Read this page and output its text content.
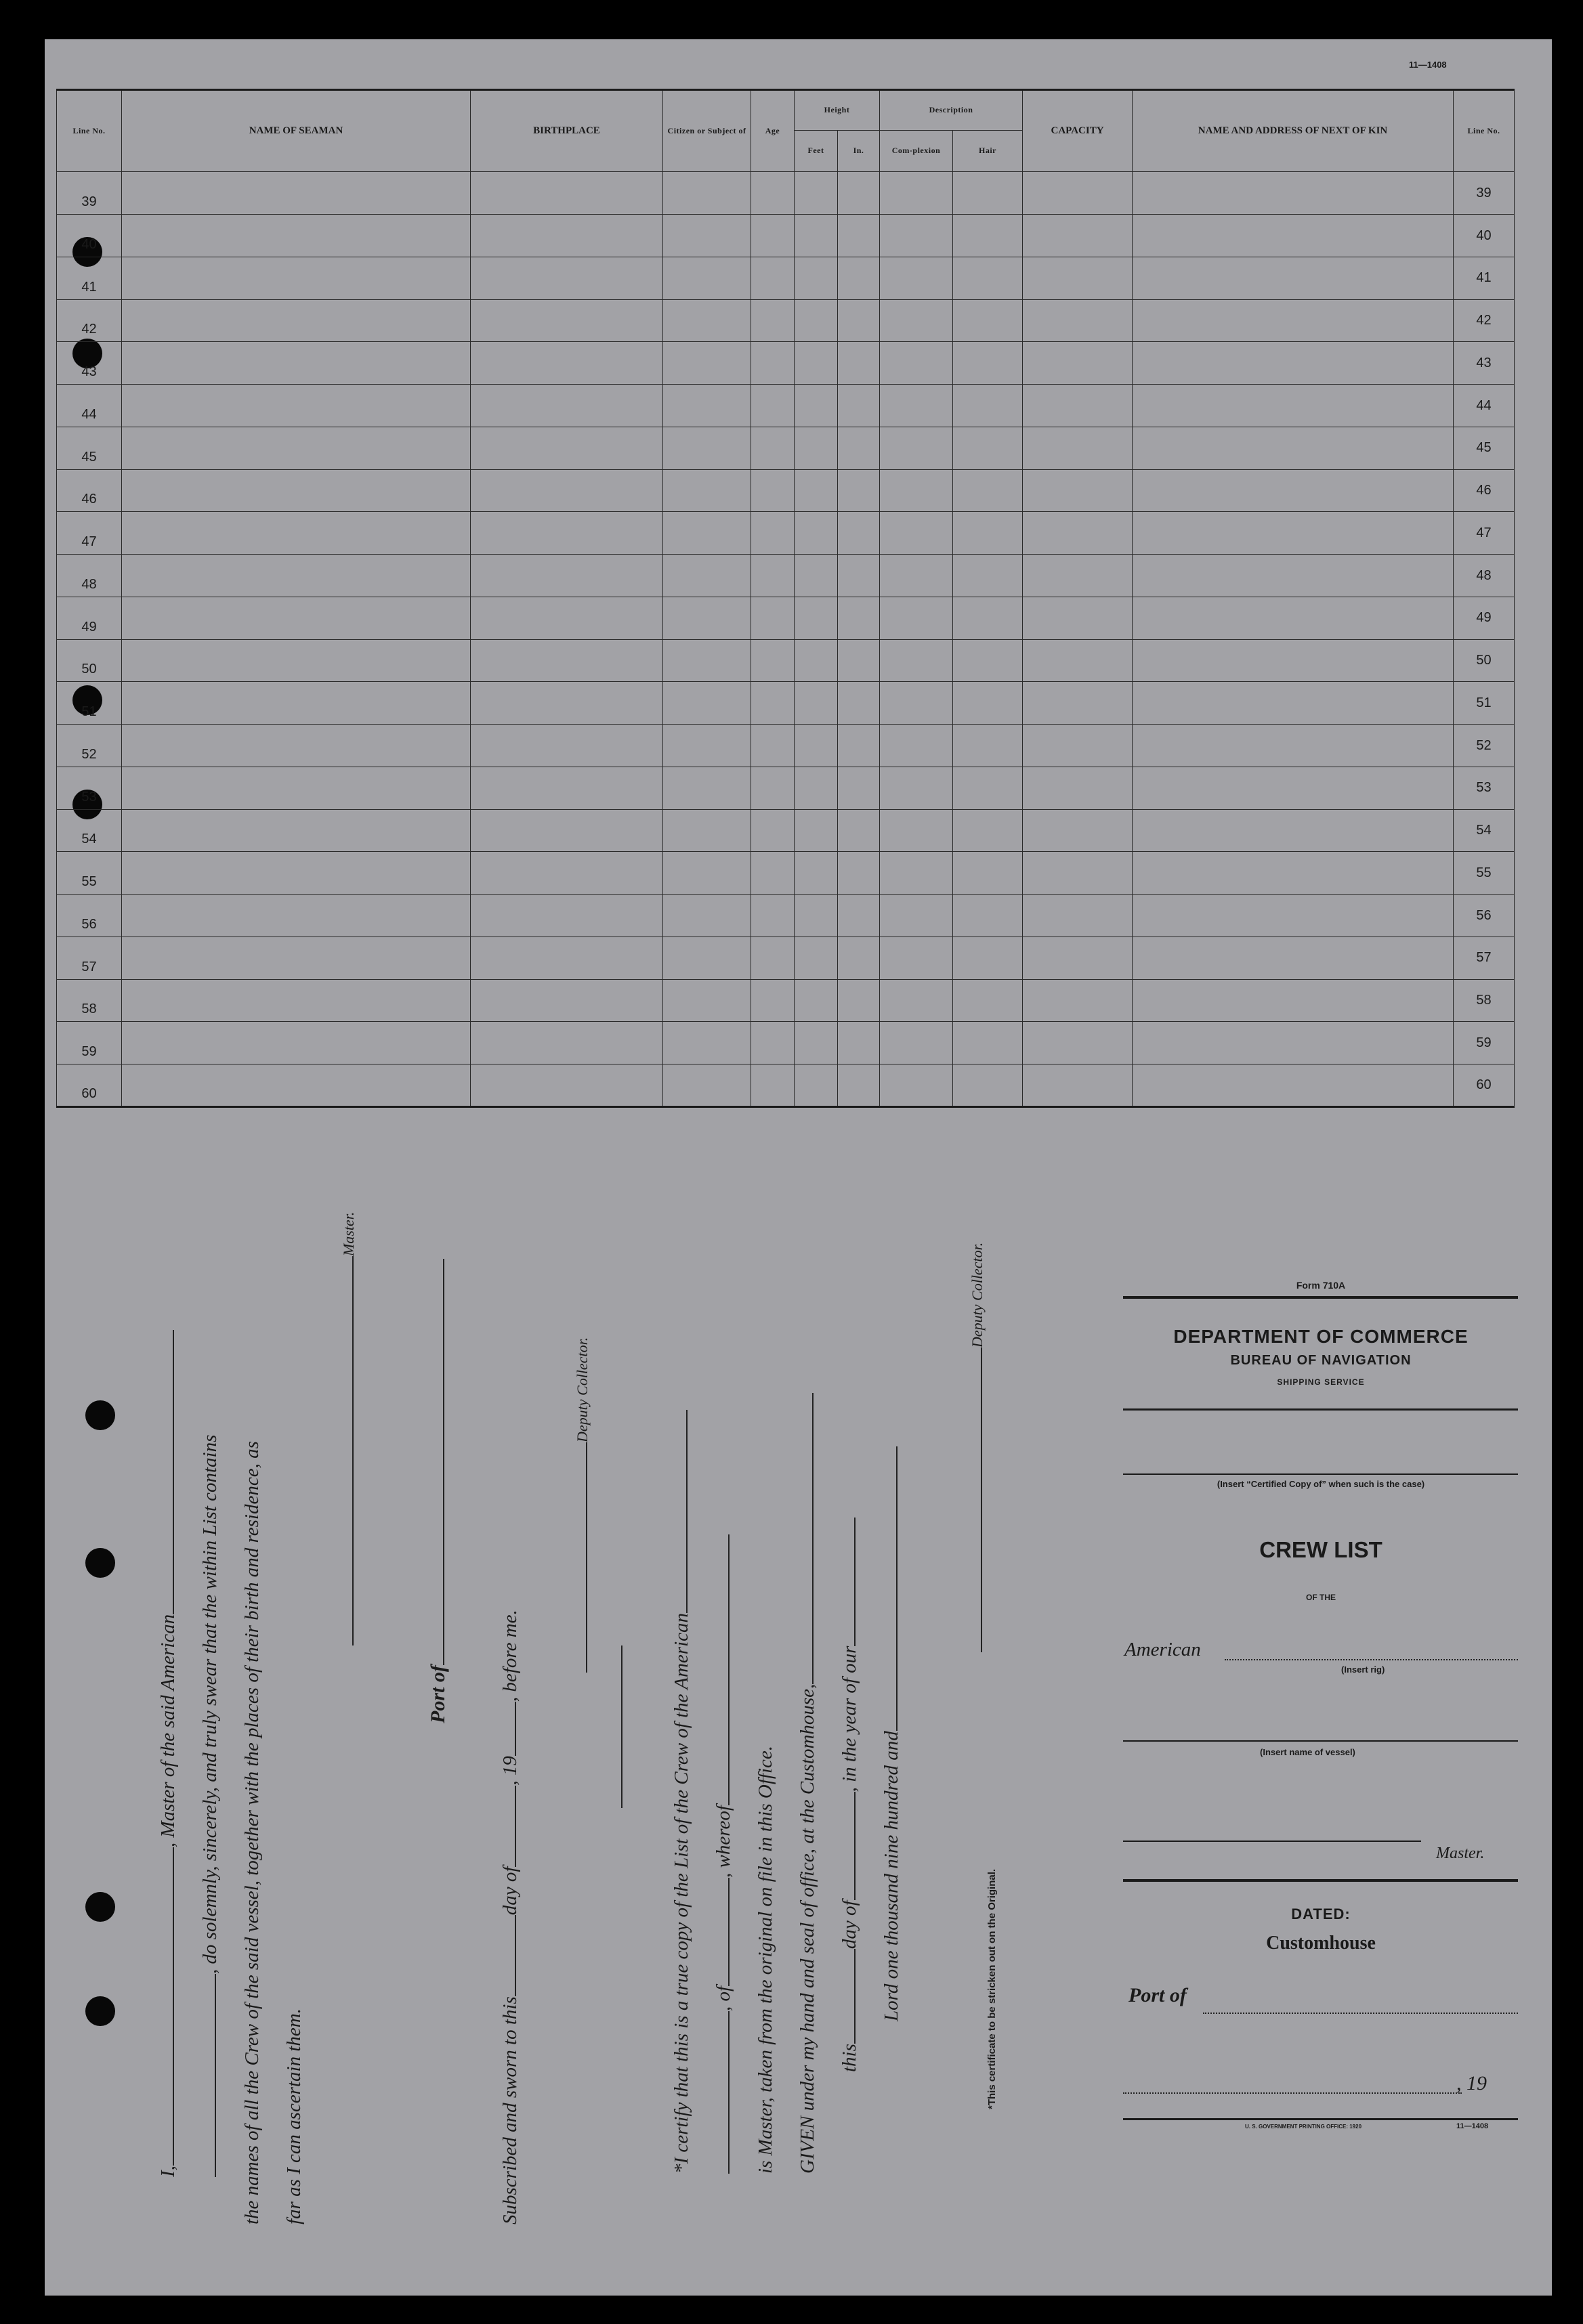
11—1408
Line No.	NAME OF SEAMAN	BIRTHPLACE	Citizen or Subject of	Age	Height		Description		CAPACITY	NAME AND ADDRESS OF NEXT OF KIN	Line No.
					Feet	In.	Com-plexion	Hair			
39											39
40											40
41											41
42											42
43											43
44											44
45											45
46											46
47											47
48											48
49											49
50											50
51											51
52											52
53											53
54											54
55											55
56											56
57											57
58											58
59											59
60											60
I,, Master of the said American , do solemnly, sincerely, and truly swear that the within List contains the names of all the Crew of the said vessel, together with the places of their birth and residence, as far as I can ascertain them.
Master.
Port of
Subscribed and sworn to thisday of, 19, before me.
Deputy Collector.
*I certify that this is a true copy of the List of the Crew of the American , of, whereof is Master, taken from the original on file in this Office. GIVEN under my hand and seal of office, at the Customhouse, thisday of, in the year of our
Lord one thousand nine hundred and
Deputy Collector.
*This certificate to be stricken out on the Original.
Form 710A
DEPARTMENT OF COMMERCE
BUREAU OF NAVIGATION
SHIPPING SERVICE
(Insert “Certified Copy of” when such is the case)
CREW LIST
OF THE
American
(Insert rig)
(Insert name of vessel)
Master.
DATED:
Customhouse
Port of
, 19
U. S. GOVERNMENT PRINTING OFFICE: 1920	11—1408
